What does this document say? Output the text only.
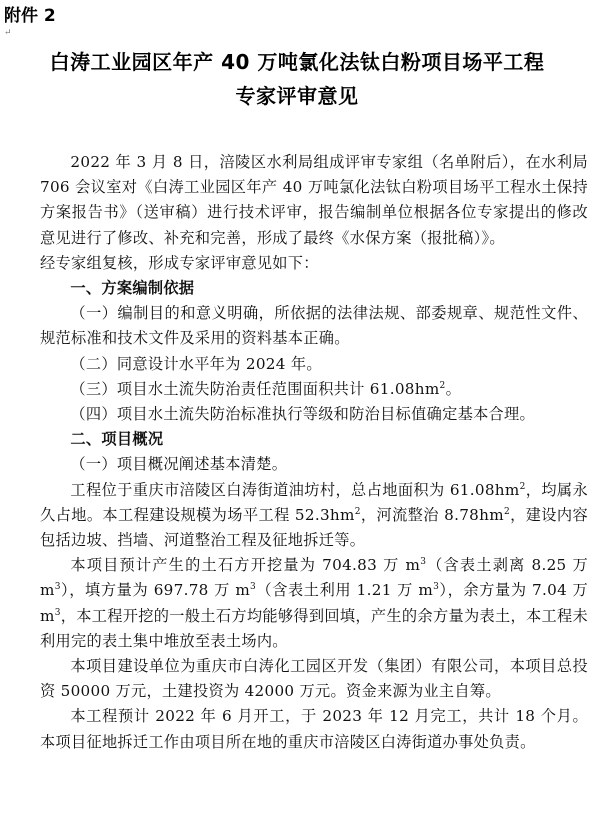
附件 2
↵
白涛工业园区年产 40 万吨氯化法钛白粉项目场平工程
专家评审意见

2022 年 3 月 8 日，涪陵区水利局组成评审专家组（名单附后），在水利局 706 会议室对《白涛工业园区年产 40 万吨氯化法钛白粉项目场平工程水土保持方案报告书》（送审稿）进行技术评审，报告编制单位根据各位专家提出的修改意见进行了修改、补充和完善，形成了最终《水保方案（报批稿）》。

经专家组复核，形成专家评审意见如下：

一、方案编制依据

（一）编制目的和意义明确，所依据的法律法规、部委规章、规范性文件、规范标准和技术文件及采用的资料基本正确。

（二）同意设计水平年为 2024 年。

（三）项目水土流失防治责任范围面积共计 $61.08hm^2$。

（四）项目水土流失防治标准执行等级和防治目标值确定基本合理。

二、项目概况

（一）项目概况阐述基本清楚。

工程位于重庆市涪陵区白涛街道油坊村，总占地面积为 $61.08hm^2$，均属永久占地。本工程建设规模为场平工程 $52.3hm^2$，河流整治 $8.78hm^2$，建设内容包括边坡、挡墙、河道整治工程及征地拆迁等。

本项目预计产生的土石方开挖量为 704.83 万 $m^3$（含表土剥离 8.25 万 $m^3$），填方量为 697.78 万 $m^3$（含表土利用 1.21 万 $m^3$），余方量为 7.04 万 $m^3$，本工程开挖的一般土石方均能够得到回填，产生的余方量为表土，本工程未利用完的表土集中堆放至表土场内。

本项目建设单位为重庆市白涛化工园区开发（集团）有限公司，本项目总投资 50000 万元，土建投资为 42000 万元。资金来源为业主自筹。

本工程预计 2022 年 6 月开工，于 2023 年 12 月完工，共计 18 个月。本项目征地拆迁工作由项目所在地的重庆市涪陵区白涛街道办事处负责。
